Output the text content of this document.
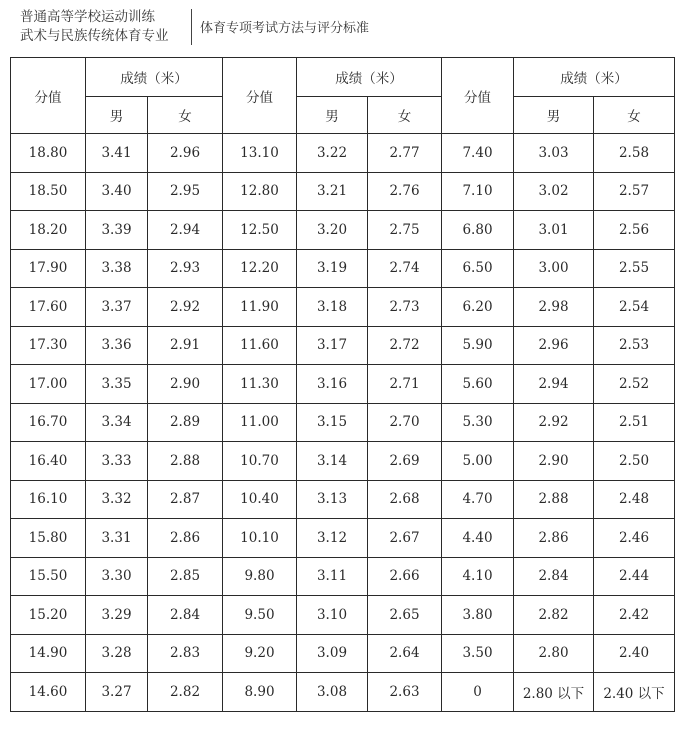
普通高等学校运动训练
武术与民族传统体育专业 体育专项考试方法与评分标准
分值	成绩（米）		分值	成绩（米）		分值	成绩（米）	
	男	女		男	女		男	女
18.80	3.41	2.96	13.10	3.22	2.77	7.40	3.03	2.58
18.50	3.40	2.95	12.80	3.21	2.76	7.10	3.02	2.57
18.20	3.39	2.94	12.50	3.20	2.75	6.80	3.01	2.56
17.90	3.38	2.93	12.20	3.19	2.74	6.50	3.00	2.55
17.60	3.37	2.92	11.90	3.18	2.73	6.20	2.98	2.54
17.30	3.36	2.91	11.60	3.17	2.72	5.90	2.96	2.53
17.00	3.35	2.90	11.30	3.16	2.71	5.60	2.94	2.52
16.70	3.34	2.89	11.00	3.15	2.70	5.30	2.92	2.51
16.40	3.33	2.88	10.70	3.14	2.69	5.00	2.90	2.50
16.10	3.32	2.87	10.40	3.13	2.68	4.70	2.88	2.48
15.80	3.31	2.86	10.10	3.12	2.67	4.40	2.86	2.46
15.50	3.30	2.85	9.80	3.11	2.66	4.10	2.84	2.44
15.20	3.29	2.84	9.50	3.10	2.65	3.80	2.82	2.42
14.90	3.28	2.83	9.20	3.09	2.64	3.50	2.80	2.40
14.60	3.27	2.82	8.90	3.08	2.63	0	2.80 以下	2.40 以下
